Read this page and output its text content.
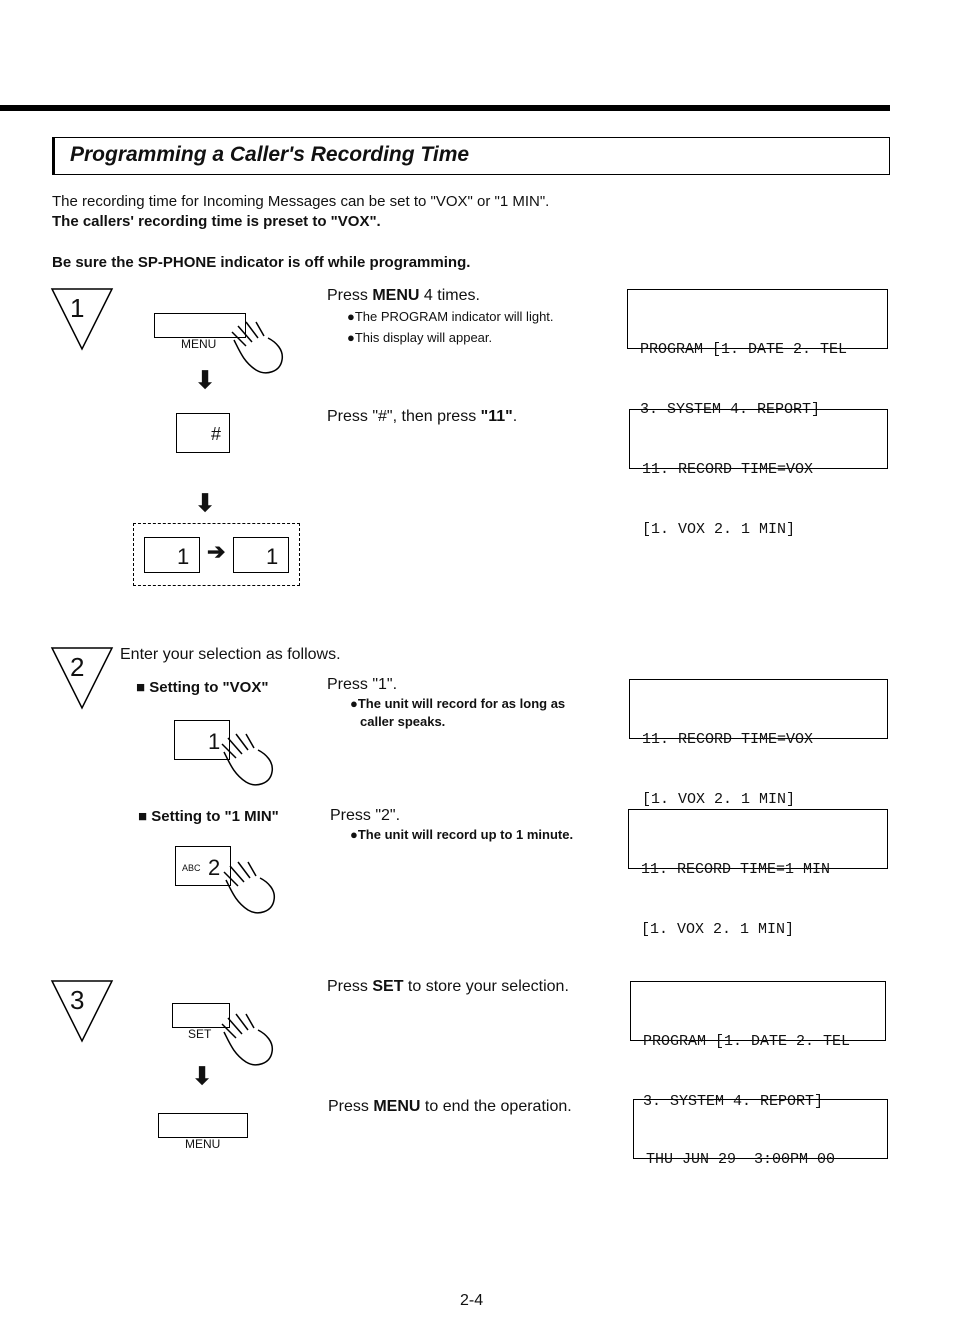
Programming a Caller's Recording Time
The recording time for Incoming Messages can be set to "VOX" or "1 MIN".
The callers' recording time is preset to "VOX".
Be sure the SP-PHONE indicator is off while programming.
1
MENU
Press MENU 4 times.
●The PROGRAM indicator will light.
●This display will appear.

PROGRAM [1. DATE 2. TEL

3. SYSTEM 4. REPORT]

⬇
#
Press "#", then press "11".

11. RECORD TIME=VOX

[1. VOX 2. 1 MIN]

⬇
1 ➔ 1
2 Enter your selection as follows.
■ Setting to "VOX"	Press "1".
●The unit will record for as long as
caller speaks.
1

	11. RECORD TIME=VOX

[1. VOX 2. 1 MIN]

■ Setting to "1 MIN"	Press "2".
●The unit will record up to 1 minute.
ABC 2

	11. RECORD TIME=1 MIN

[1. VOX 2. 1 MIN]

3
SET
Press SET to store your selection.

PROGRAM [1. DATE 2. TEL

3. SYSTEM 4. REPORT]

⬇
MENU
Press MENU to end the operation.

THU JUN 29  3:00PM 00

2-4
